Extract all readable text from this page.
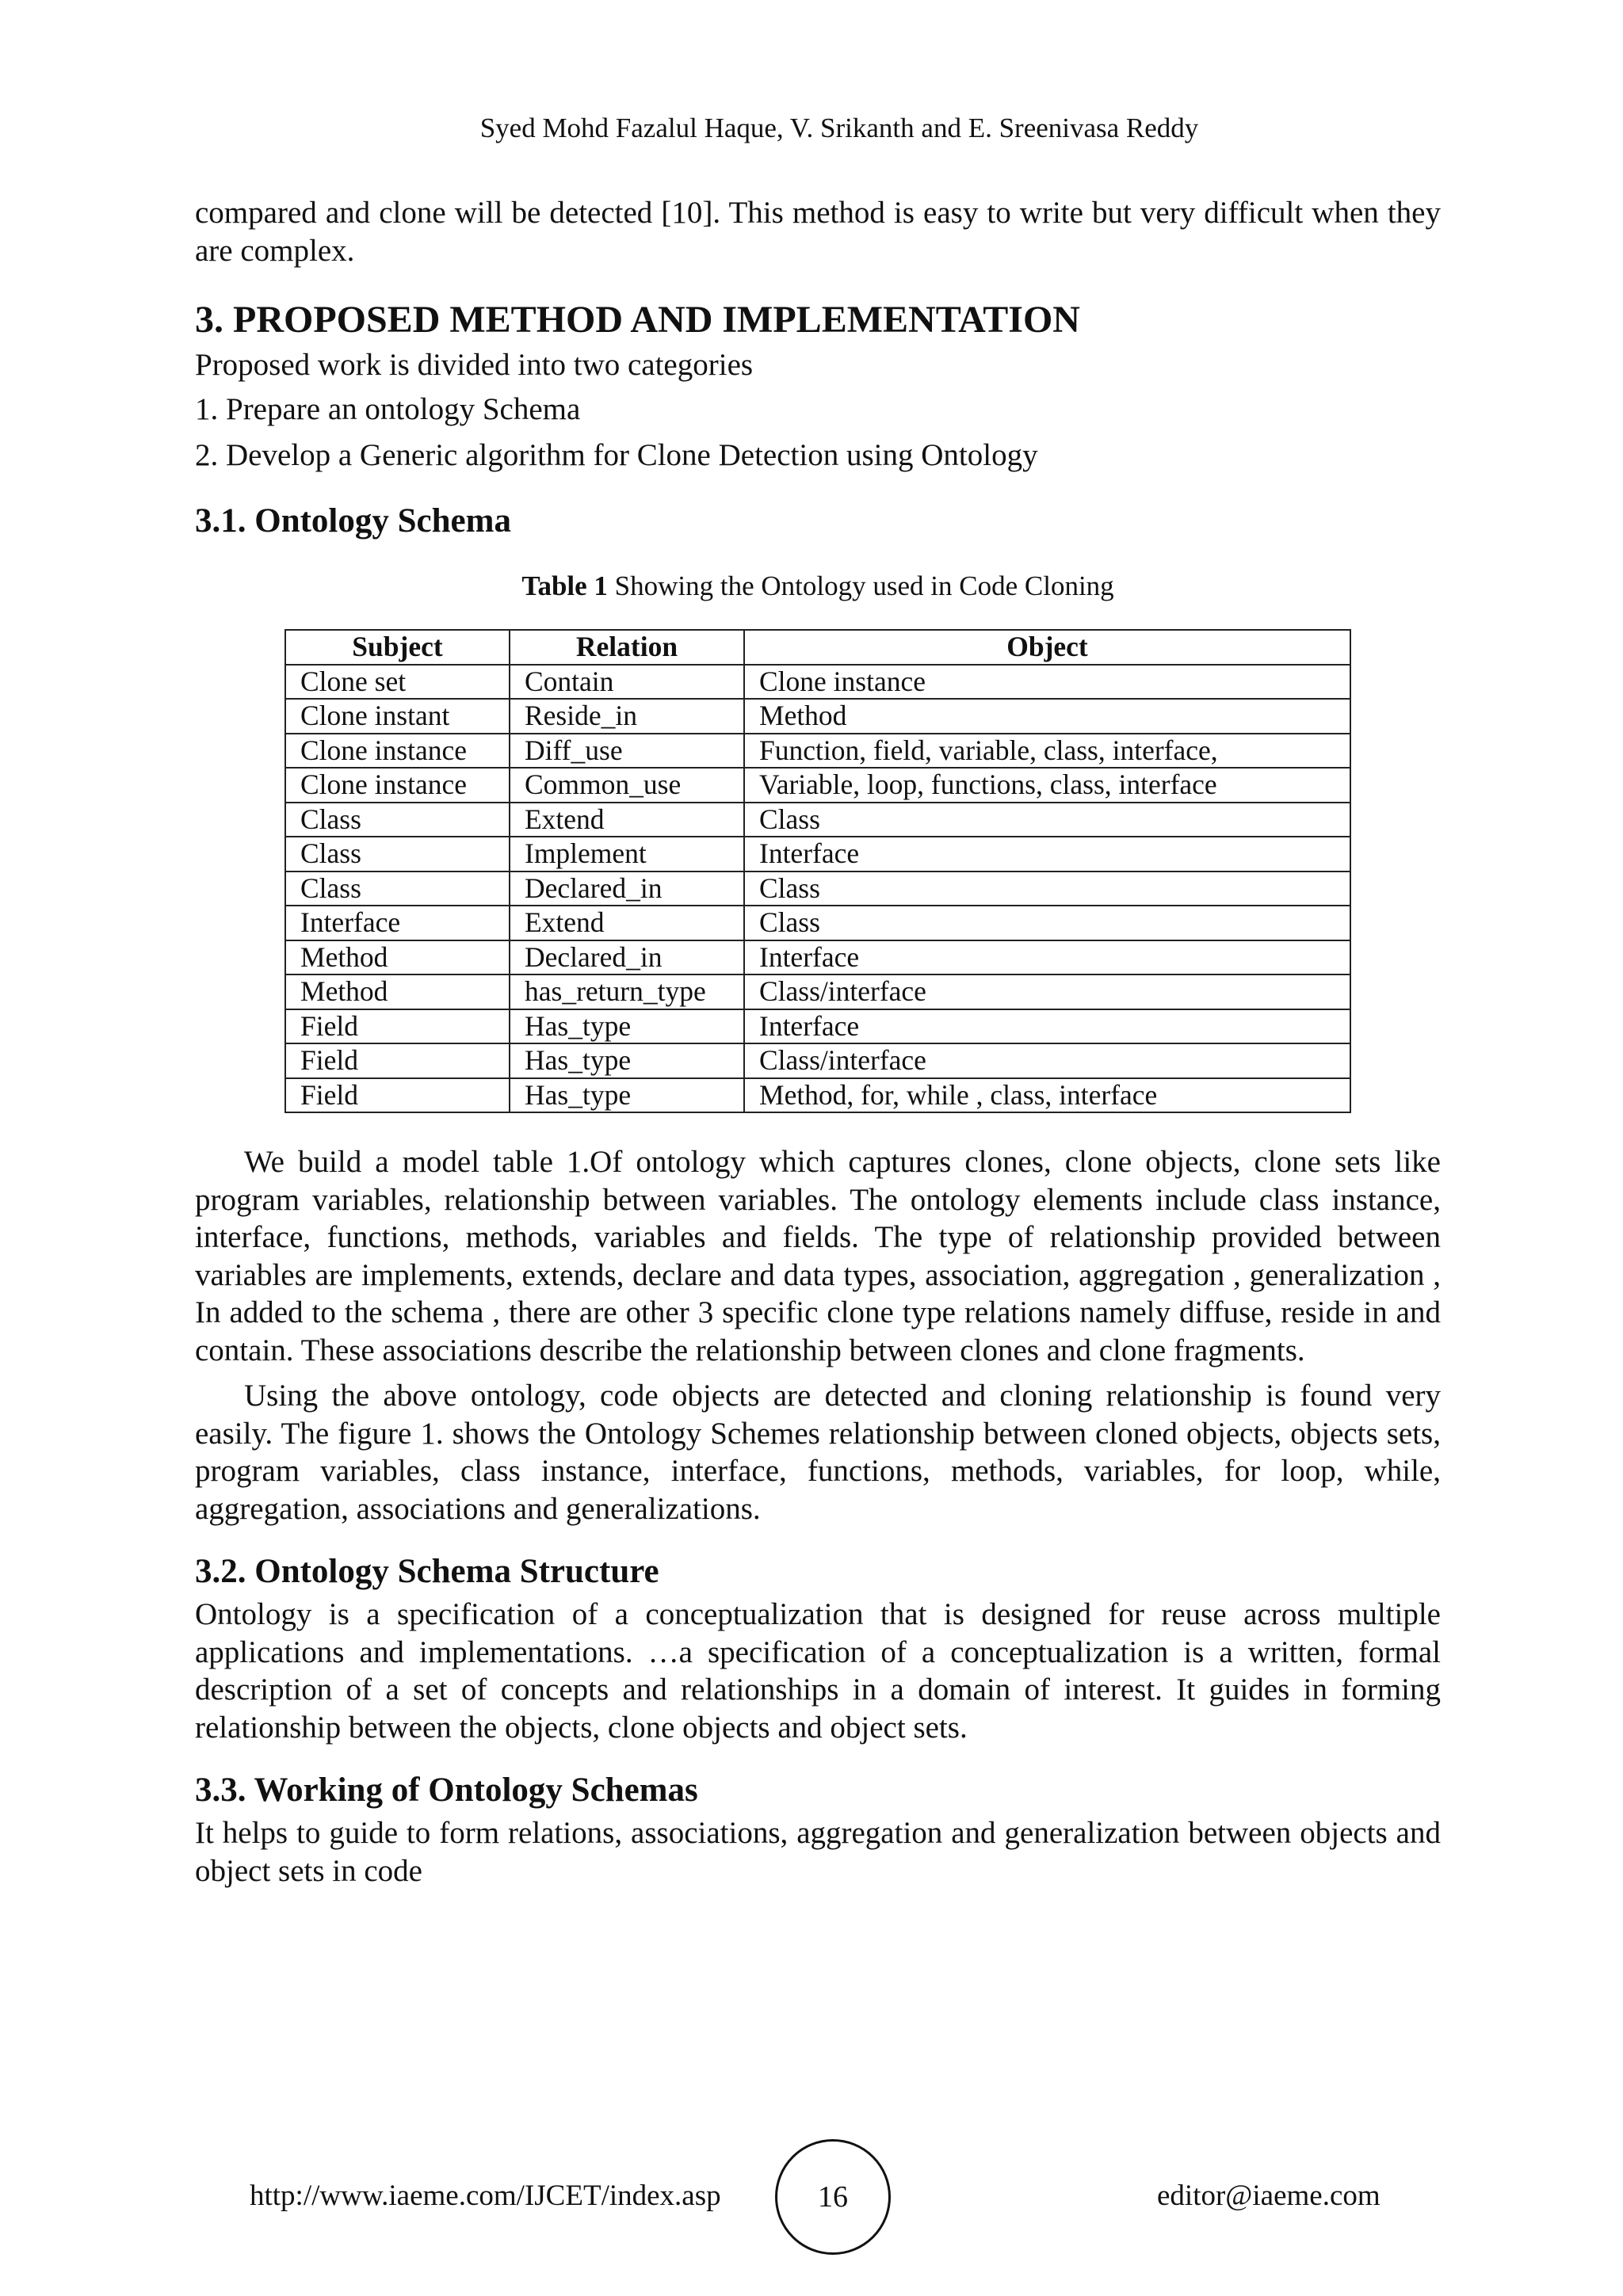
Syed Mohd Fazalul Haque, V. Srikanth and E. Sreenivasa Reddy

compared and clone will be detected [10]. This method is easy to write but very difficult when they are complex.

3. PROPOSED METHOD AND IMPLEMENTATION
Proposed work is divided into two categories
1. Prepare an ontology Schema
2. Develop a Generic algorithm for Clone Detection using Ontology
3.1. Ontology Schema
Table 1 Showing the Ontology used in Code Cloning
Subject	Relation	Object
Clone set	Contain	Clone instance
Clone instant	Reside_in	Method
Clone instance	Diff_use	Function, field, variable, class, interface,
Clone instance	Common_use	Variable, loop, functions, class, interface
Class	Extend	Class
Class	Implement	Interface
Class	Declared_in	Class
Interface	Extend	Class
Method	Declared_in	Interface
Method	has_return_type	Class/interface
Field	Has_type	Interface
Field	Has_type	Class/interface
Field	Has_type	Method, for, while , class, interface

We build a model table 1.Of ontology which captures clones, clone objects, clone sets like program variables, relationship between variables. The ontology elements include class instance, interface, functions, methods, variables and fields. The type of relationship provided between variables are implements, extends, declare and data types, association, aggregation , generalization , In added to the schema , there are other 3 specific clone type relations namely diffuse, reside in and contain. These associations describe the relationship between clones and clone fragments.

Using the above ontology, code objects are detected and cloning relationship is found very easily. The figure 1. shows the Ontology Schemes relationship between cloned objects, objects sets, program variables, class instance, interface, functions, methods, variables, for loop, while, aggregation, associations and generalizations.

3.2. Ontology Schema Structure

Ontology is a specification of a conceptualization that is designed for reuse across multiple applications and implementations. …a specification of a conceptualization is a written, formal description of a set of concepts and relationships in a domain of interest. It guides in forming relationship between the objects, clone objects and object sets.

3.3. Working of Ontology Schemas

It helps to guide to form relations, associations, aggregation and generalization between objects and object sets in code

http://www.iaeme.com/IJCET/index.asp	16	editor@iaeme.com
